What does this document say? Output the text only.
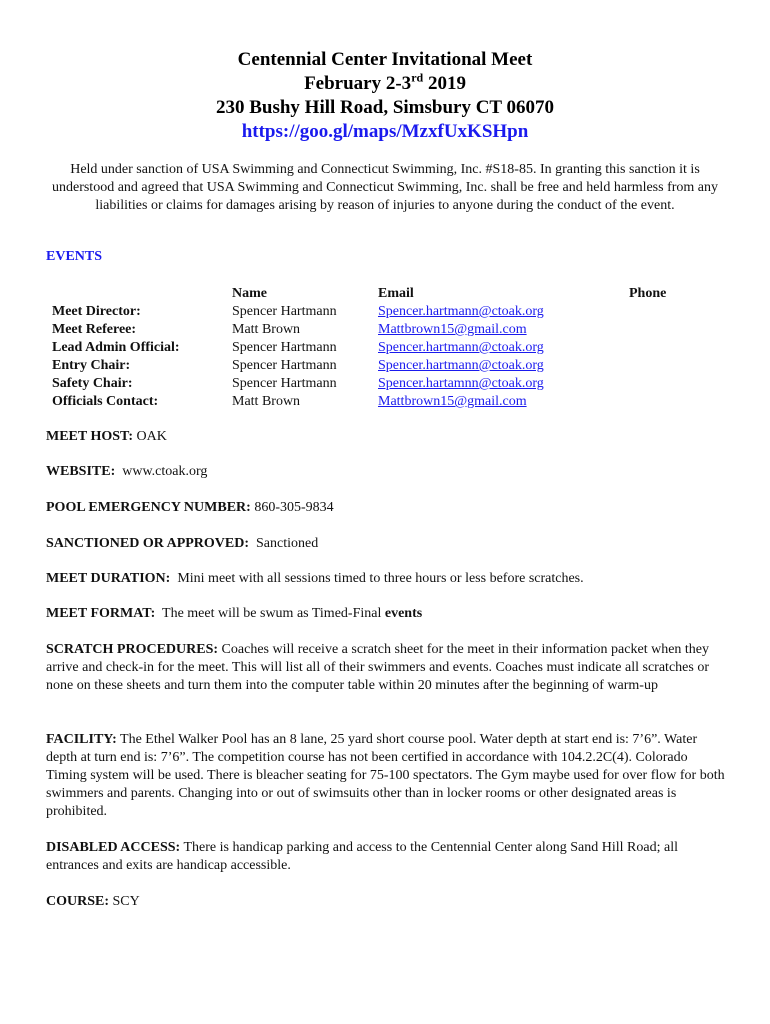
Centennial Center Invitational Meet
February 2-3rd 2019
230 Bushy Hill Road, Simsbury CT 06070
https://goo.gl/maps/MzxfUxKSHpn
Held under sanction of USA Swimming and Connecticut Swimming, Inc. #S18-85. In granting this sanction it is understood and agreed that USA Swimming and Connecticut Swimming, Inc. shall be free and held harmless from any liabilities or claims for damages arising by reason of injuries to anyone during the conduct of the event.
EVENTS
Meet Director:
Meet Referee:
Lead Admin Official:
Entry Chair:
Safety Chair:
Officials Contact:
Name
Spencer Hartmann
Matt Brown
Spencer Hartmann
Spencer Hartmann
Spencer Hartmann
Matt Brown
Email
Spencer.hartmann@ctoak.org
Mattbrown15@gmail.com
Spencer.hartmann@ctoak.org
Spencer.hartmann@ctoak.org
Spencer.hartamnn@ctoak.org
Mattbrown15@gmail.com
Phone
MEET HOST: OAK
WEBSITE:  www.ctoak.org
POOL EMERGENCY NUMBER: 860-305-9834
SANCTIONED OR APPROVED:  Sanctioned
MEET DURATION:  Mini meet with all sessions timed to three hours or less before scratches.
MEET FORMAT:  The meet will be swum as Timed-Final events
SCRATCH PROCEDURES: Coaches will receive a scratch sheet for the meet in their information packet when they arrive and check-in for the meet. This will list all of their swimmers and events. Coaches must indicate all scratches or none on these sheets and turn them into the computer table within 20 minutes after the beginning of warm-up
FACILITY: The Ethel Walker Pool has an 8 lane, 25 yard short course pool. Water depth at start end is: 7’6”. Water depth at turn end is: 7’6”. The competition course has not been certified in accordance with 104.2.2C(4). Colorado Timing system will be used. There is bleacher seating for 75-100 spectators. The Gym maybe used for over flow for both swimmers and parents. Changing into or out of swimsuits other than in locker rooms or other designated areas is prohibited.
DISABLED ACCESS: There is handicap parking and access to the Centennial Center along Sand Hill Road; all entrances and exits are handicap accessible.
COURSE: SCY
